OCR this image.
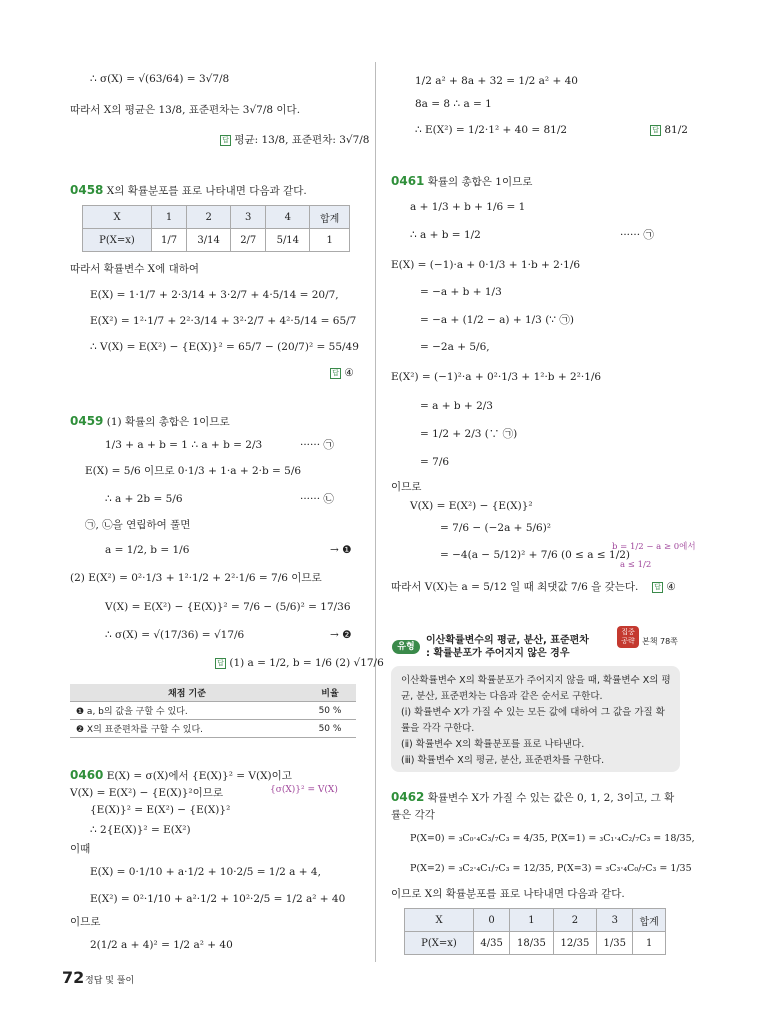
∴ σ(X) = √(63/64) = 3√7/8
따라서 X의 평균은 13/8, 표준편차는 3√7/8 이다.
답 평균: 13/8, 표준편차: 3√7/8
0458 X의 확률분포를 표로 나타내면 다음과 같다.
X	1	2	3	4	합계
P(X=x)	1/7	3/14	2/7	5/14	1
따라서 확률변수 X에 대하여
E(X) = 1·1/7 + 2·3/14 + 3·2/7 + 4·5/14 = 20/7,
E(X²) = 1²·1/7 + 2²·3/14 + 3²·2/7 + 4²·5/14 = 65/7
∴ V(X) = E(X²) − {E(X)}² = 65/7 − (20/7)² = 55/49
답 ④
0459 (1) 확률의 총합은 1이므로
1/3 + a + b = 1 ∴ a + b = 2/3	······ ㉠
E(X) = 5/6 이므로 0·1/3 + 1·a + 2·b = 5/6
∴ a + 2b = 5/6	······ ㉡
㉠, ㉡을 연립하여 풀면
a = 1/2, b = 1/6	→ ❶
(2) E(X²) = 0²·1/3 + 1²·1/2 + 2²·1/6 = 7/6 이므로
V(X) = E(X²) − {E(X)}² = 7/6 − (5/6)² = 17/36
∴ σ(X) = √(17/36) = √17/6	→ ❷
답 (1) a = 1/2, b = 1/6 (2) √17/6
채점 기준	비율
❶ a, b의 값을 구할 수 있다.	50 %
❷ X의 표준편차를 구할 수 있다.	50 %
0460 E(X) = σ(X)에서 {E(X)}² = V(X)이고
V(X) = E(X²) − {E(X)}²이므로	{σ(X)}² = V(X)
{E(X)}² = E(X²) − {E(X)}²
∴ 2{E(X)}² = E(X²)
이때
E(X) = 0·1/10 + a·1/2 + 10·2/5 = 1/2 a + 4,
E(X²) = 0²·1/10 + a²·1/2 + 10²·2/5 = 1/2 a² + 40
이므로
2(1/2 a + 4)² = 1/2 a² + 40
1/2 a² + 8a + 32 = 1/2 a² + 40
8a = 8 ∴ a = 1
∴ E(X²) = 1/2·1² + 40 = 81/2	답 81/2
0461 확률의 총합은 1이므로
a + 1/3 + b + 1/6 = 1
∴ a + b = 1/2	······ ㉠
E(X) = (−1)·a + 0·1/3 + 1·b + 2·1/6
= −a + b + 1/3
= −a + (1/2 − a) + 1/3 (∵ ㉠)
= −2a + 5/6,
E(X²) = (−1)²·a + 0²·1/3 + 1²·b + 2²·1/6
= a + b + 2/3
= 1/2 + 2/3 (∵ ㉠)
= 7/6
이므로
V(X) = E(X²) − {E(X)}²
= 7/6 − (−2a + 5/6)²
= −4(a − 5/12)² + 7/6 (0 ≤ a ≤ 1/2)
b = 1/2 − a ≥ 0에서
a ≤ 1/2
따라서 V(X)는 a = 5/12 일 때 최댓값 7/6 을 갖는다.	답 ④
유형 07
이산확률변수의 평균, 분산, 표준편차
: 확률분포가 주어지지 않은 경우
집중 공략 본책 78쪽
이산확률변수 X의 확률분포가 주어지지 않을 때, 확률변수 X의 평
균, 분산, 표준편차는 다음과 같은 순서로 구한다.
(ⅰ) 확률변수 X가 가질 수 있는 모든 값에 대하여 그 값을 가질 확
률을 각각 구한다.
(ⅱ) 확률변수 X의 확률분포를 표로 나타낸다.
(ⅲ) 확률변수 X의 평균, 분산, 표준편차를 구한다.
0462 확률변수 X가 가질 수 있는 값은 0, 1, 2, 3이고, 그 확
률은 각각
P(X=0) = ₃C₀·₄C₃/₇C₃ = 4/35, P(X=1) = ₃C₁·₄C₂/₇C₃ = 18/35,
P(X=2) = ₃C₂·₄C₁/₇C₃ = 12/35, P(X=3) = ₃C₃·₄C₀/₇C₃ = 1/35
이므로 X의 확률분포를 표로 나타내면 다음과 같다.
X	0	1	2	3	합계
P(X=x)	4/35	18/35	12/35	1/35	1
72 정답 및 풀이
